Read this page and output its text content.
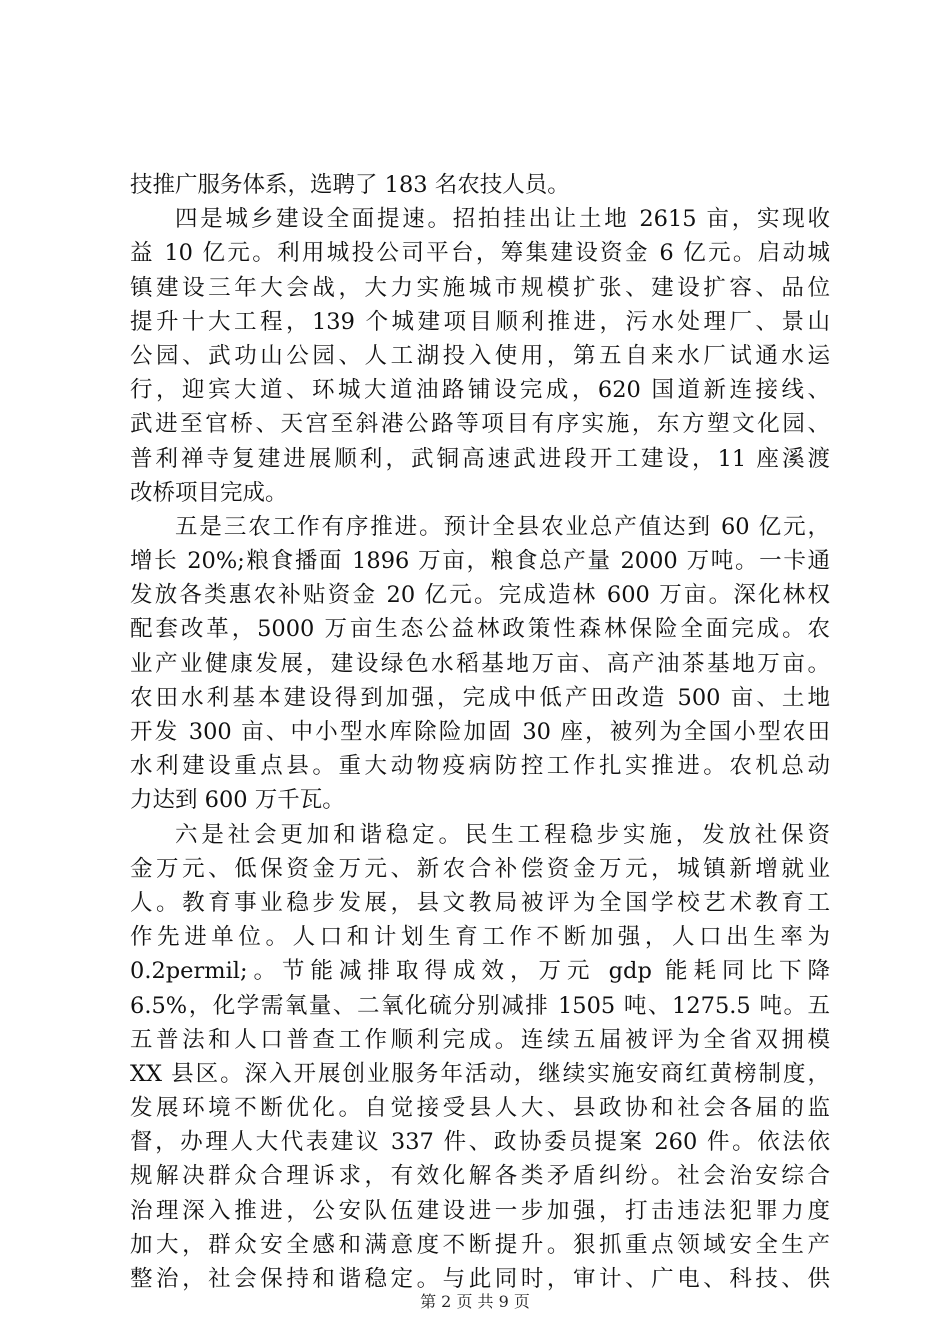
技推广服务体系，选聘了 183 名农技人员。
四是城乡建设全面提速。招拍挂出让土地 2615 亩，实现收
益 10 亿元。利用城投公司平台，筹集建设资金 6 亿元。启动城
镇建设三年大会战，大力实施城市规模扩张、建设扩容、品位
提升十大工程，139 个城建项目顺利推进，污水处理厂、景山
公园、武功山公园、人工湖投入使用，第五自来水厂试通水运
行，迎宾大道、环城大道油路铺设完成，620 国道新连接线、
武进至官桥、天宫至斜港公路等项目有序实施，东方塑文化园、
普利禅寺复建进展顺利，武铜高速武进段开工建设，11 座溪渡
改桥项目完成。
五是三农工作有序推进。预计全县农业总产值达到 60 亿元，
增长 20%;粮食播面 1896 万亩，粮食总产量 2000 万吨。一卡通
发放各类惠农补贴资金 20 亿元。完成造林 600 万亩。深化林权
配套改革，5000 万亩生态公益林政策性森林保险全面完成。农
业产业健康发展，建设绿色水稻基地万亩、高产油茶基地万亩。
农田水利基本建设得到加强，完成中低产田改造 500 亩、土地
开发 300 亩、中小型水库除险加固 30 座，被列为全国小型农田
水利建设重点县。重大动物疫病防控工作扎实推进。农机总动
力达到 600 万千瓦。
六是社会更加和谐稳定。民生工程稳步实施，发放社保资
金万元、低保资金万元、新农合补偿资金万元，城镇新增就业
人。教育事业稳步发展，县文教局被评为全国学校艺术教育工
作先进单位。人口和计划生育工作不断加强，人口出生率为
0.2permil;。节能减排取得成效，万元 gdp 能耗同比下降
6.5%，化学需氧量、二氧化硫分别减排 1505 吨、1275.5 吨。五
五普法和人口普查工作顺利完成。连续五届被评为全省双拥模
XX 县区。深入开展创业服务年活动，继续实施安商红黄榜制度，
发展环境不断优化。自觉接受县人大、县政协和社会各届的监
督，办理人大代表建议 337 件、政协委员提案 260 件。依法依
规解决群众合理诉求，有效化解各类矛盾纠纷。社会治安综合
治理深入推进，公安队伍建设进一步加强，打击违法犯罪力度
加大，群众安全感和满意度不断提升。狠抓重点领域安全生产
整治，社会保持和谐稳定。与此同时，审计、广电、科技、供
第 2 页 共 9 页
